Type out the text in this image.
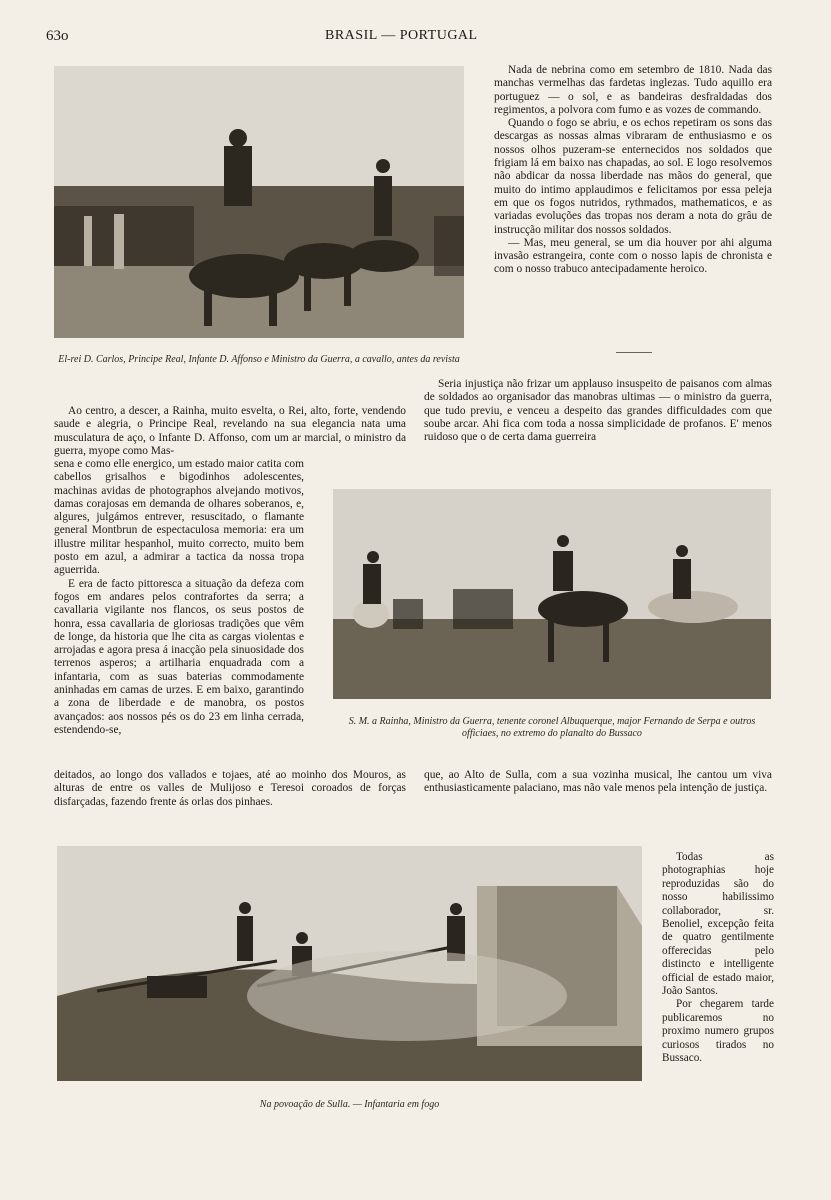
63o	BRASIL — PORTUGAL
El-rei D. Carlos, Principe Real, Infante D. Affonso e Ministro da Guerra, a cavallo, antes da revista

Nada de nebrina como em setembro de 1810. Nada das manchas vermelhas das fardetas inglezas. Tudo aquillo era portuguez — o sol, e as bandeiras desfraldadas dos regimentos, a polvora com fumo e as vozes de commando.

Quando o fogo se abriu, e os echos repetiram os sons das descargas as nossas almas vibraram de enthusiasmo e os nossos olhos puzeram-se enternecidos nos soldados que frigiam lá em baixo nas chapadas, ao sol. E logo resolvemos não abdicar da nossa liberdade nas mãos do general, que muito do intimo applaudimos e felicitamos por essa peleja em que os fogos nutridos, rythmados, mathematicos, e as variadas evoluções das tropas nos deram a nota do grâu de instrucção militar dos nossos soldados.

— Mas, meu general, se um dia houver por ahi alguma invasão estrangeira, conte com o nosso lapis de chronista e com o nosso trabuco antecipadamente heroico.

Seria injustiça não frizar um applauso insuspeito de paisanos com almas de soldados ao organisador das manobras ultimas — o ministro da guerra, que tudo previu, e venceu a despeito das grandes difficuldades com que soube arcar. Ahi fica com toda a nossa simplicidade de profanos. E' menos ruidoso que o de certa dama guerreira

Ao centro, a descer, a Rainha, muito esvelta, o Rei, alto, forte, vendendo saude e alegria, o Principe Real, revelando na sua elegancia nata uma musculatura de aço, o Infante D. Affonso, com um ar marcial, o ministro da guerra, myope como Mas-

sena e como elle energico, um estado maior catita com cabellos grisalhos e bigodinhos adolescentes, machinas avidas de photographos alvejando motivos, damas corajosas em demanda de olhares soberanos, e, algures, julgámos entrever, resuscitado, o flamante general Montbrun de espectaculosa memoria: era um illustre militar hespanhol, muito correcto, muito bem posto em azul, a admirar a tactica da nossa tropa aguerrida.

E era de facto pittoresca a situação da defeza com fogos em andares pelos contrafortes da serra; a cavallaria vigilante nos flancos, os seus postos de honra, essa cavallaria de gloriosas tradições que vêm de longe, da historia que lhe cita as cargas violentas e arrojadas e agora presa á inacção pela sinuosidade dos terrenos asperos; a artilharia enquadrada com a infantaria, com as suas baterias commodamente aninhadas em camas de urzes. E em baixo, garantindo a zona de liberdade e de manobra, os postos avançados: aos nossos pés os do 23 em linha cerrada, estendendo-se,

S. M. a Rainha, Ministro da Guerra, tenente coronel Albuquerque, major Fernando de Serpa e outros officiaes, no extremo do planalto do Bussaco

deitados, ao longo dos vallados e tojaes, até ao moinho dos Mouros, as alturas de entre os valles de Mulijoso e Teresoi coroados de forças disfarçadas, fazendo frente ás orlas dos pinhaes.

que, ao Alto de Sulla, com a sua vozinha musical, lhe cantou um viva enthusiasticamente palaciano, mas não vale menos pela intenção de justiça.

Na povoação de Sulla. — Infantaria em fogo

Todas as photographias hoje reproduzidas são do nosso habilissimo collaborador, sr. Benoliel, excepção feita de quatro gentilmente offerecidas pelo distincto e intelligente official de estado maior, João Santos.

Por chegarem tarde publicaremos no proximo numero grupos curiosos tirados no Bussaco.
